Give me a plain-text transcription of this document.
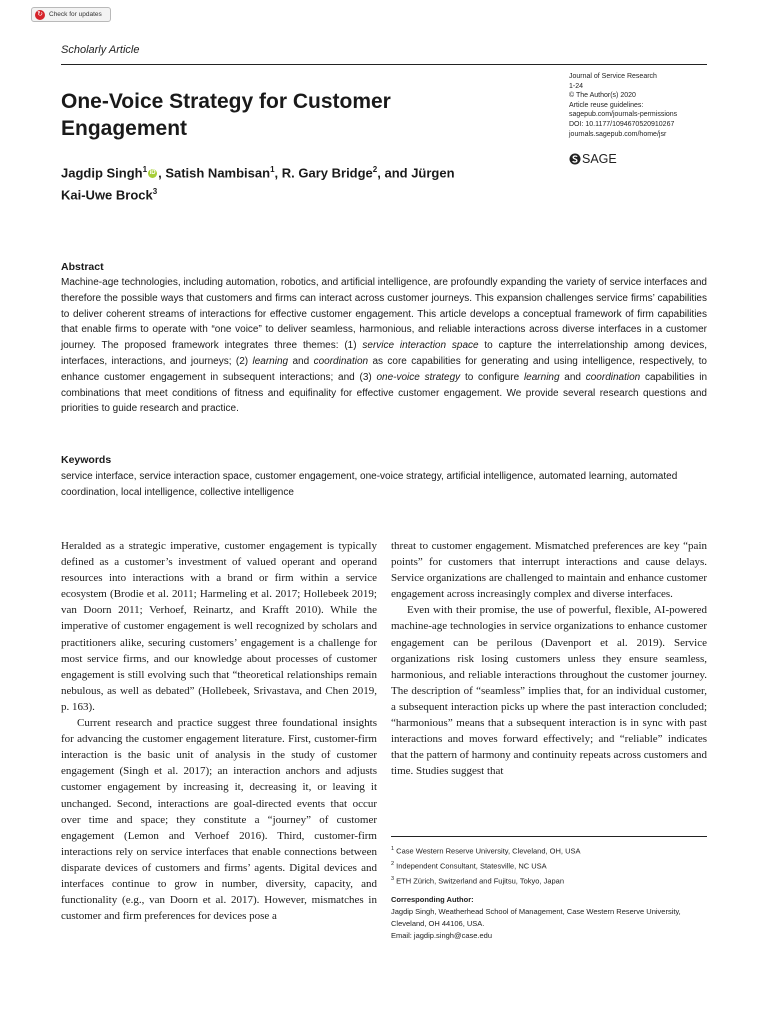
↻ Check for updates
Scholarly Article
One-Voice Strategy for Customer Engagement
Jagdip Singh$^1$ iD , Satish Nambisan$^1$, R. Gary Bridge$^2$, and Jürgen Kai-Uwe Brock$^3$
Journal of Service Research
1-24
© The Author(s) 2020
Article reuse guidelines:
sagepub.com/journals-permissions
DOI: 10.1177/1094670520910267
journals.sagepub.com/home/jsr
SAGE
Abstract

Machine-age technologies, including automation, robotics, and artificial intelligence, are profoundly expanding the variety of service interfaces and therefore the possible ways that customers and firms can interact across customer journeys. This expansion challenges service firms’ capabilities to deliver coherent streams of interactions for effective customer engagement. This article develops a conceptual framework of firm capabilities that enable firms to operate with “one voice” to deliver seamless, harmonious, and reliable interactions across diverse interfaces in a customer journey. The proposed framework integrates three themes: (1) service interaction space to capture the interrelationship among devices, interfaces, interactions, and journeys; (2) learning and coordination as core capabilities for generating and using intelligence, respectively, to enhance customer engagement in subsequent interactions; and (3) one-voice strategy to configure learning and coordination capabilities in combinations that meet conditions of fitness and equifinality for effective customer engagement. We provide several research questions and priorities to guide research and practice.

Keywords

service interface, service interaction space, customer engagement, one-voice strategy, artificial intelligence, automated learning, automated coordination, local intelligence, collective intelligence

Heralded as a strategic imperative, customer engagement is typically defined as a customer’s investment of valued operant and operand resources into interactions with a brand or firm within a service ecosystem (Brodie et al. 2011; Harmeling et al. 2017; Hollebeek 2019; van Doorn 2011; Verhoef, Reinartz, and Krafft 2010). While the imperative of customer engagement is well recognized by scholars and practitioners alike, securing customers’ engagement is a challenge for most service firms, and our knowledge about processes of customer engagement is still evolving such that “theoretical relationships remain nebulous, as well as debated” (Hollebeek, Srivastava, and Chen 2019, p. 163).

Current research and practice suggest three foundational insights for advancing the customer engagement literature. First, customer-firm interaction is the basic unit of analysis in the study of customer engagement (Singh et al. 2017); an interaction anchors and adjusts customer engagement by increasing it, decreasing it, or leaving it unchanged. Second, interactions are goal-directed events that occur over time and space; they constitute a “journey” of customer engagement (Lemon and Verhoef 2016). Third, customer-firm interactions rely on service interfaces that enable connections between disparate devices of customers and firms’ agents. Digital devices and interfaces continue to grow in number, diversity, capacity, and functionality (e.g., van Doorn et al. 2017). However, mismatches in customer and firm preferences for devices pose a

threat to customer engagement. Mismatched preferences are key “pain points” for customers that interrupt interactions and cause delays. Service organizations are challenged to maintain and enhance customer engagement across increasingly complex and diverse interfaces.

Even with their promise, the use of powerful, flexible, AI-powered machine-age technologies in service organizations to enhance customer engagement can be perilous (Davenport et al. 2019). Service organizations risk losing customers unless they ensure seamless, harmonious, and reliable interactions throughout the customer journey. The description of “seamless” implies that, for an individual customer, a subsequent interaction picks up where the past interaction concluded; “harmonious” means that a subsequent interaction is in sync with past interactions and moves forward effectively; and “reliable” indicates that the pattern of harmony and continuity repeats across customers and time. Studies suggest that

$^1$ Case Western Reserve University, Cleveland, OH, USA
$^2$ Independent Consultant, Statesville, NC USA
$^3$ ETH Zürich, Switzerland and Fujitsu, Tokyo, Japan
Corresponding Author:
Jagdip Singh, Weatherhead School of Management, Case Western Reserve University, Cleveland, OH 44106, USA.
Email: jagdip.singh@case.edu
